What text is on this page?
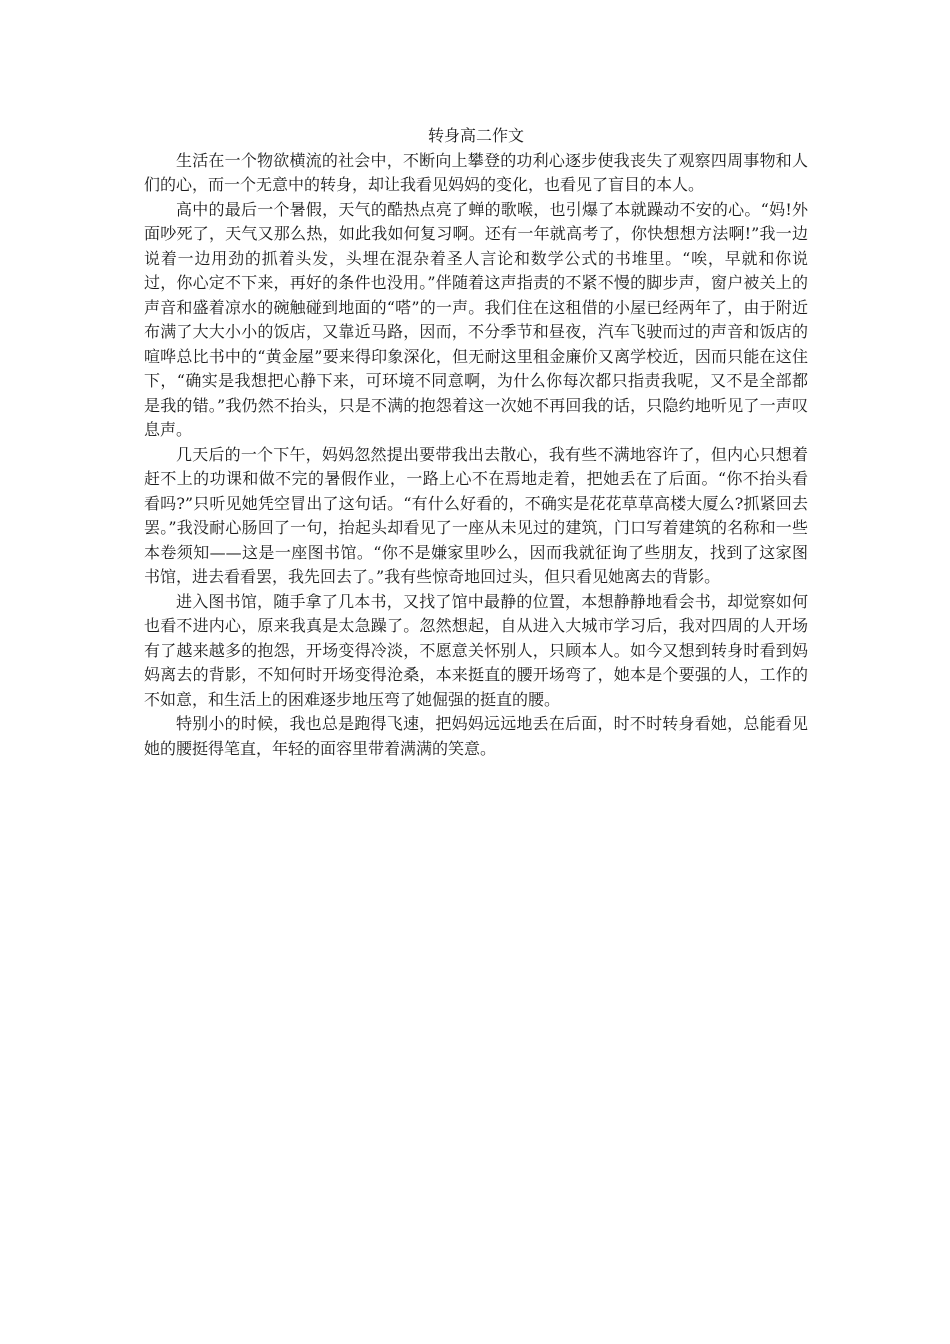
转身高二作文

生活在一个物欲横流的社会中，不断向上攀登的功利心逐步使我丧失了观察四周事物和人们的心，而一个无意中的转身，却让我看见妈妈的变化，也看见了盲目的本人。

高中的最后一个暑假，天气的酷热点亮了蝉的歌喉，也引爆了本就躁动不安的心。“妈!外面吵死了，天气又那么热，如此我如何复习啊。还有一年就高考了，你快想想方法啊!”我一边说着一边用劲的抓着头发，头埋在混杂着圣人言论和数学公式的书堆里。“唉，早就和你说过，你心定不下来，再好的条件也没用。”伴随着这声指责的不紧不慢的脚步声，窗户被关上的声音和盛着凉水的碗触碰到地面的“嗒”的一声。我们住在这租借的小屋已经两年了，由于附近布满了大大小小的饭店，又靠近马路，因而，不分季节和昼夜，汽车飞驶而过的声音和饭店的喧哗总比书中的“黄金屋”要来得印象深化，但无耐这里租金廉价又离学校近，因而只能在这住下，“确实是我想把心静下来，可环境不同意啊，为什么你每次都只指责我呢，又不是全部都是我的错。”我仍然不抬头，只是不满的抱怨着这一次她不再回我的话，只隐约地听见了一声叹息声。

几天后的一个下午，妈妈忽然提出要带我出去散心，我有些不满地容许了，但内心只想着赶不上的功课和做不完的暑假作业，一路上心不在焉地走着，把她丢在了后面。“你不抬头看看吗?”只听见她凭空冒出了这句话。“有什么好看的，不确实是花花草草高楼大厦么?抓紧回去罢。”我没耐心肠回了一句，抬起头却看见了一座从未见过的建筑，门口写着建筑的名称和一些本卷须知——这是一座图书馆。“你不是嫌家里吵么，因而我就征询了些朋友，找到了这家图书馆，进去看看罢，我先回去了。”我有些惊奇地回过头，但只看见她离去的背影。

进入图书馆，随手拿了几本书，又找了馆中最静的位置，本想静静地看会书，却觉察如何也看不进内心，原来我真是太急躁了。忽然想起，自从进入大城市学习后，我对四周的人开场有了越来越多的抱怨，开场变得冷淡，不愿意关怀别人，只顾本人。如今又想到转身时看到妈妈离去的背影，不知何时开场变得沧桑，本来挺直的腰开场弯了，她本是个要强的人，工作的不如意，和生活上的困难逐步地压弯了她倔强的挺直的腰。

特别小的时候，我也总是跑得飞速，把妈妈远远地丢在后面，时不时转身看她，总能看见她的腰挺得笔直，年轻的面容里带着满满的笑意。
